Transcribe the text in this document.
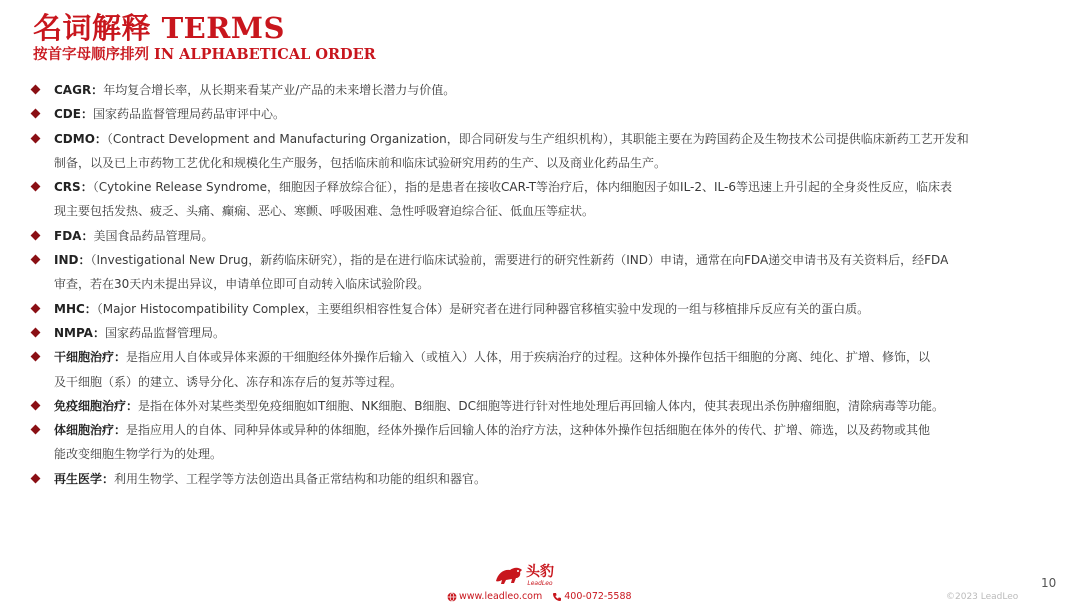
名词解释 TERMS
按首字母顺序排列 IN ALPHABETICAL ORDER
CAGR：年均复合增长率，从长期来看某产业/产品的未来增长潜力与价值。
CDE：国家药品监督管理局药品审评中心。
CDMO：（Contract Development and Manufacturing Organization，即合同研发与生产组织机构），其职能主要在为跨国药企及生物技术公司提供临床新药工艺开发和
制备，以及已上市药物工艺优化和规模化生产服务，包括临床前和临床试验研究用药的生产、以及商业化药品生产。
CRS：（Cytokine Release Syndrome，细胞因子释放综合征），指的是患者在接收CAR-T等治疗后，体内细胞因子如IL-2、IL-6等迅速上升引起的全身炎性反应，临床表
现主要包括发热、疲乏、头痛、癫痫、恶心、寒颤、呼吸困难、急性呼吸窘迫综合征、低血压等症状。
FDA：美国食品药品管理局。
IND：（Investigational New Drug，新药临床研究），指的是在进行临床试验前，需要进行的研究性新药（IND）申请，通常在向FDA递交申请书及有关资料后，经FDA
审查，若在30天内未提出异议，申请单位即可自动转入临床试验阶段。
MHC：（Major Histocompatibility Complex，主要组织相容性复合体）是研究者在进行同种器官移植实验中发现的一组与移植排斥反应有关的蛋白质。
NMPA：国家药品监督管理局。
干细胞治疗：是指应用人自体或异体来源的干细胞经体外操作后输入（或植入）人体，用于疾病治疗的过程。这种体外操作包括干细胞的分离、纯化、扩增、修饰，以
及干细胞（系）的建立、诱导分化、冻存和冻存后的复苏等过程。
免疫细胞治疗：是指在体外对某些类型免疫细胞如T细胞、NK细胞、B细胞、DC细胞等进行针对性地处理后再回输人体内，使其表现出杀伤肿瘤细胞，清除病毒等功能。
体细胞治疗：是指应用人的自体、同种异体或异种的体细胞，经体外操作后回输人体的治疗方法，这种体外操作包括细胞在体外的传代、扩增、筛选，以及药物或其他
能改变细胞生物学行为的处理。
再生医学：利用生物学、工程学等方法创造出具备正常结构和功能的组织和器官。
头豹
LeadLeo
www.leadleo.com 400-072-5588
10
©2023 LeadLeo
